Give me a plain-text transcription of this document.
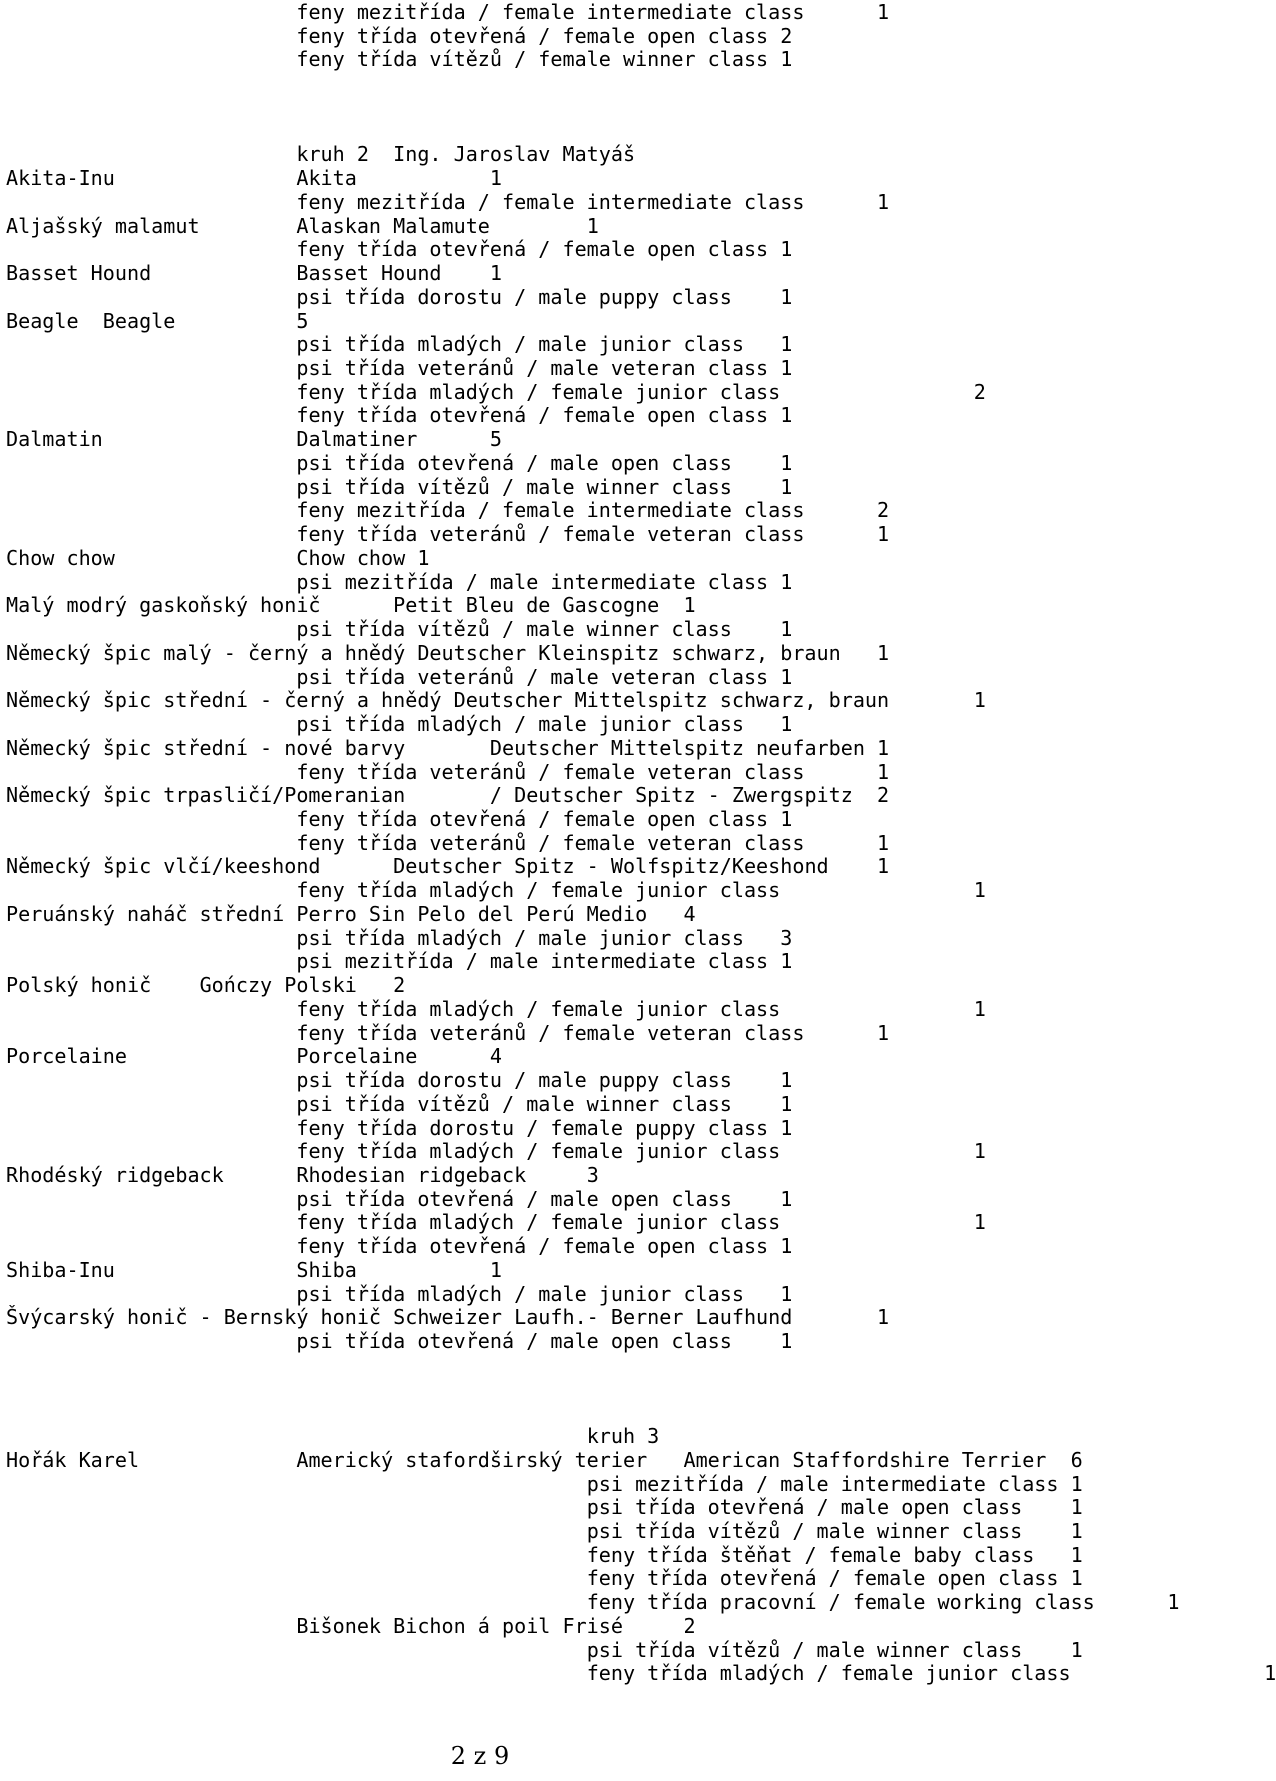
			feny mezitřída / female intermediate class	1
			feny třída otevřená / female open class 2
			feny třída vítězů / female winner class 1
			kruh 2	Ing. Jaroslav Matyáš
Akita-Inu		Akita		1
			feny mezitřída / female intermediate class	1
Aljašský malamut	Alaskan Malamute	1
			feny třída otevřená / female open class 1
Basset Hound		Basset Hound	1
			psi třída dorostu / male puppy class	1
Beagle	Beagle		5
			psi třída mladých / male junior class	1
			psi třída veteránů / male veteran class 1
			feny třída mladých / female junior class		2
			feny třída otevřená / female open class 1
Dalmatin		Dalmatiner	5
			psi třída otevřená / male open class	1
			psi třída vítězů / male winner class	1
			feny mezitřída / female intermediate class	2
			feny třída veteránů / female veteran class	1
Chow chow		Chow chow 1
			psi mezitřída / male intermediate class 1
Malý modrý gaskoňský honič	Petit Bleu de Gascogne	1
			psi třída vítězů / male winner class	1
Německý špic malý - černý a hnědý Deutscher Kleinspitz schwarz, braun	1
			psi třída veteránů / male veteran class 1
Německý špic střední - černý a hnědý Deutscher Mittelspitz schwarz, braun	1
			psi třída mladých / male junior class	1
Německý špic střední - nové barvy	Deutscher Mittelspitz neufarben	1
			feny třída veteránů / female veteran class	1
Německý špic trpasličí/Pomeranian	/ Deutscher Spitz - Zwergspitz	2
			feny třída otevřená / female open class 1
			feny třída veteránů / female veteran class	1
Německý špic vlčí/keeshond	Deutscher Spitz - Wolfspitz/Keeshond	1
			feny třída mladých / female junior class		1
Peruánský naháč střední	Perro Sin Pelo del Perú Medio	4
			psi třída mladých / male junior class	3
			psi mezitřída / male intermediate class 1
Polský honič	Gończy Polski	2
			feny třída mladých / female junior class		1
			feny třída veteránů / female veteran class	1
Porcelaine		Porcelaine	4
			psi třída dorostu / male puppy class	1
			psi třída vítězů / male winner class	1
			feny třída dorostu / female puppy class 1
			feny třída mladých / female junior class		1
Rhodéský ridgeback	Rhodesian ridgeback	3
			psi třída otevřená / male open class	1
			feny třída mladých / female junior class		1
			feny třída otevřená / female open class 1
Shiba-Inu		Shiba		1
			psi třída mladých / male junior class	1
Švýcarský honič - Bernský honič	Schweizer Laufh.- Berner Laufhund	1
			psi třída otevřená / male open class	1
						kruh 3
Hořák Karel		Americký stafordširský terier	American Staffordshire Terrier	6
						psi mezitřída / male intermediate class 1
						psi třída otevřená / male open class	1
						psi třída vítězů / male winner class	1
						feny třída štěňat / female baby class	1
						feny třída otevřená / female open class 1
						feny třída pracovní / female working class	1
			Bišonek Bichon á poil Frisé	2
						psi třída vítězů / male winner class	1
						feny třída mladých / female junior class		1
2 z 9
